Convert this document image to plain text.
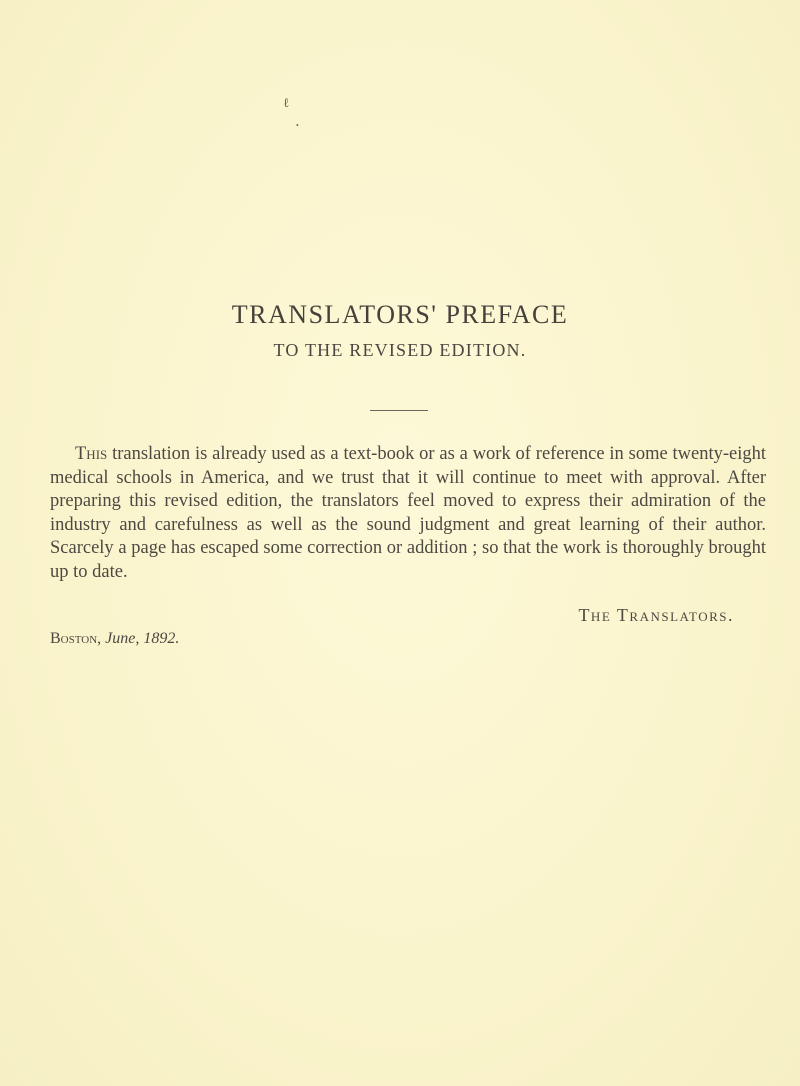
ℓ
•
TRANSLATORS' PREFACE
TO THE REVISED EDITION.

This translation is already used as a text-book or as a work of reference in some twenty-eight medical schools in America, and we trust that it will continue to meet with approval. After preparing this revised edition, the translators feel moved to express their admiration of the industry and carefulness as well as the sound judgment and great learning of their author. Scarcely a page has escaped some correction or addition ; so that the work is thoroughly brought up to date.

The Translators.
Boston, June, 1892.
